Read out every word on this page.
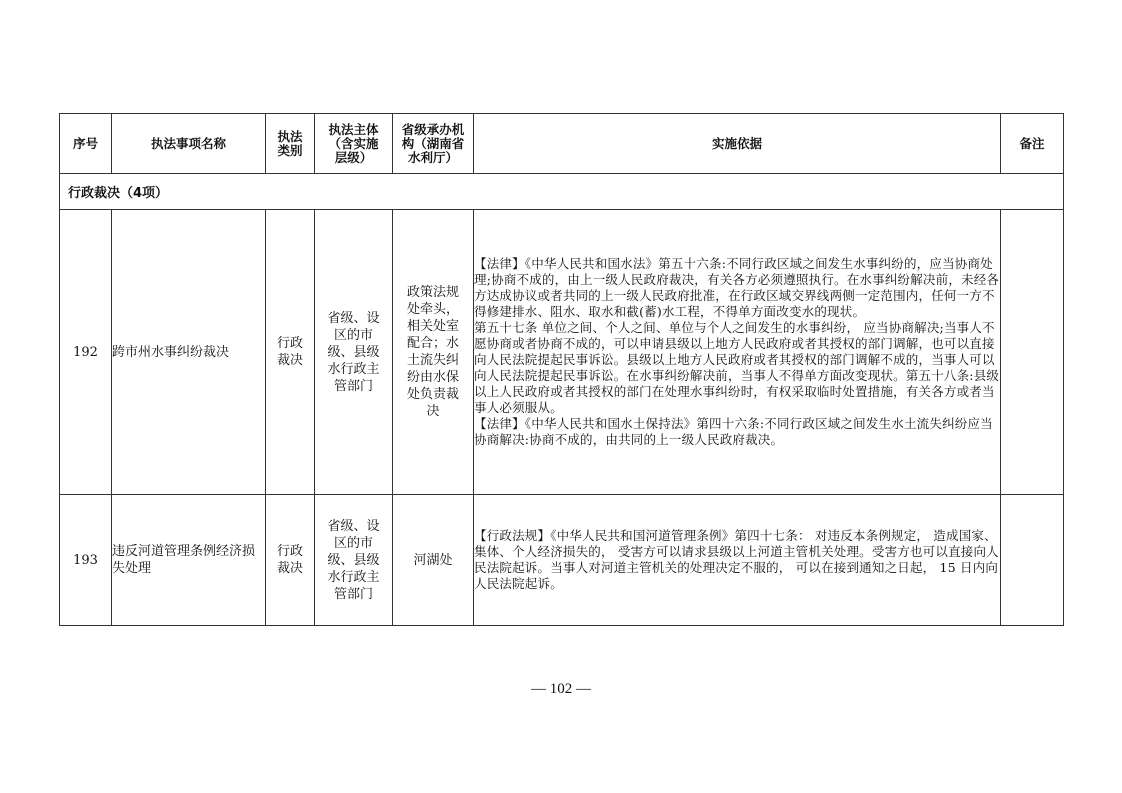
序号	执法事项名称	执法类别	执法主体（含实施层级）	省级承办机构（湖南省水利厅）	实施依据	备注
行政裁决（4项）						
192	跨市州水事纠纷裁决	行政裁决	省级、设区的市级、县级水行政主管部门	政策法规处牵头，相关处室配合；水土流失纠纷由水保处负责裁决	【法律】《中华人民共和国水法》第五十六条:不同行政区域之间发生水事纠纷的，应当协商处理;协商不成的，由上一级人民政府裁决，有关各方必须遵照执行。在水事纠纷解决前，未经各方达成协议或者共同的上一级人民政府批准，在行政区域交界线两侧一定范围内，任何一方不得修建排水、阻水、取水和截(蓄)水工程，不得单方面改变水的现状。
第五十七条 单位之间、个人之间、单位与个人之间发生的水事纠纷， 应当协商解决;当事人不愿协商或者协商不成的，可以申请县级以上地方人民政府或者其授权的部门调解，也可以直接向人民法院提起民事诉讼。县级以上地方人民政府或者其授权的部门调解不成的，当事人可以向人民法院提起民事诉讼。在水事纠纷解决前，当事人不得单方面改变现状。第五十八条:县级以上人民政府或者其授权的部门在处理水事纠纷时，有权采取临时处置措施，有关各方或者当事人必须服从。
【法律】《中华人民共和国水土保持法》第四十六条:不同行政区域之间发生水土流失纠纷应当协商解决:协商不成的，由共同的上一级人民政府裁决。	

193	违反河道管理条例经济损失处理	行政裁决	省级、设区的市级、县级水行政主管部门	河湖处	【行政法规】《中华人民共和国河道管理条例》第四十七条： 对违反本条例规定， 造成国家、集体、个人经济损失的， 受害方可以请求县级以上河道主管机关处理。受害方也可以直接向人民法院起诉。当事人对河道主管机关的处理决定不服的， 可以在接到通知之日起， 15 日内向人民法院起诉。	

— 102 —
